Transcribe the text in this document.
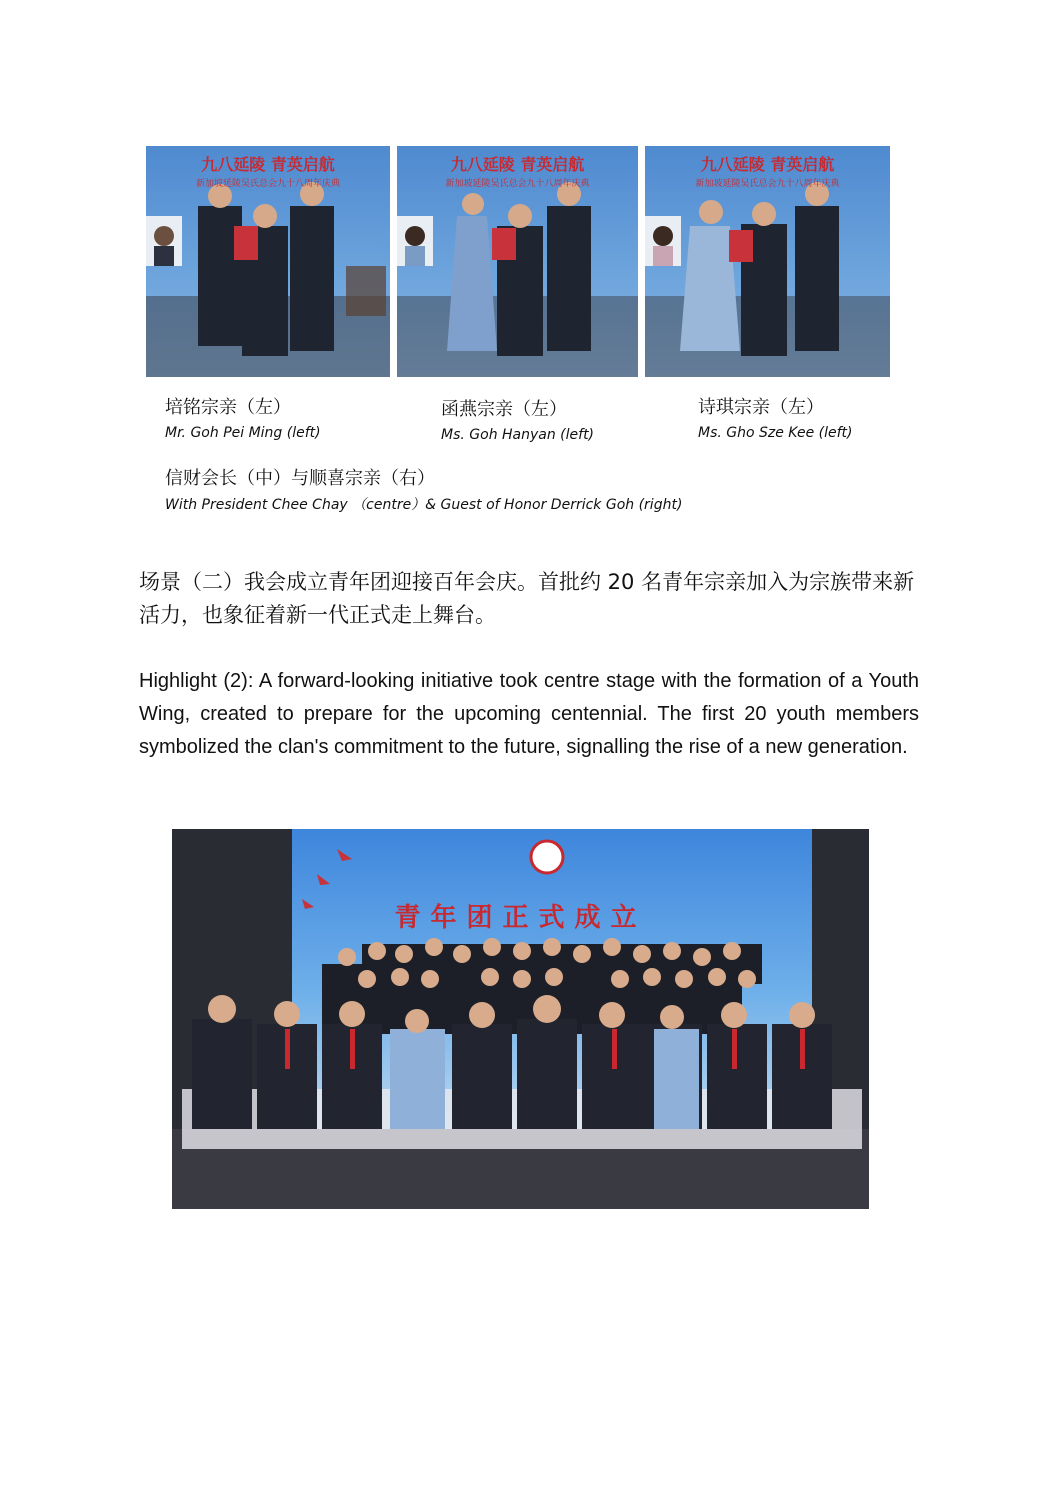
九八延陵 青英启航
新加坡延陵吴氏总会九十八周年庆典
九八延陵 青英启航
新加坡延陵吴氏总会九十八周年庆典
九八延陵 青英启航
新加坡延陵吴氏总会九十八周年庆典
培铭宗亲（左）
Mr. Goh Pei Ming (left)
函燕宗亲（左）
Ms. Goh Hanyan (left)
诗琪宗亲（左）
Ms. Gho Sze Kee (left)
信财会长（中）与顺喜宗亲（右）
With President Chee Chay （centre）& Guest of Honor Derrick Goh (right)
场景（二）我会成立青年团迎接百年会庆。首批约 20 名青年宗亲加入为宗族带来新活力，也象征着新一代正式走上舞台。
Highlight (2): A forward-looking initiative took centre stage with the formation of a Youth Wing, created to prepare for the upcoming centennial. The first 20 youth members symbolized the clan's commitment to the future, signalling the rise of a new generation.
青年团正式成立
